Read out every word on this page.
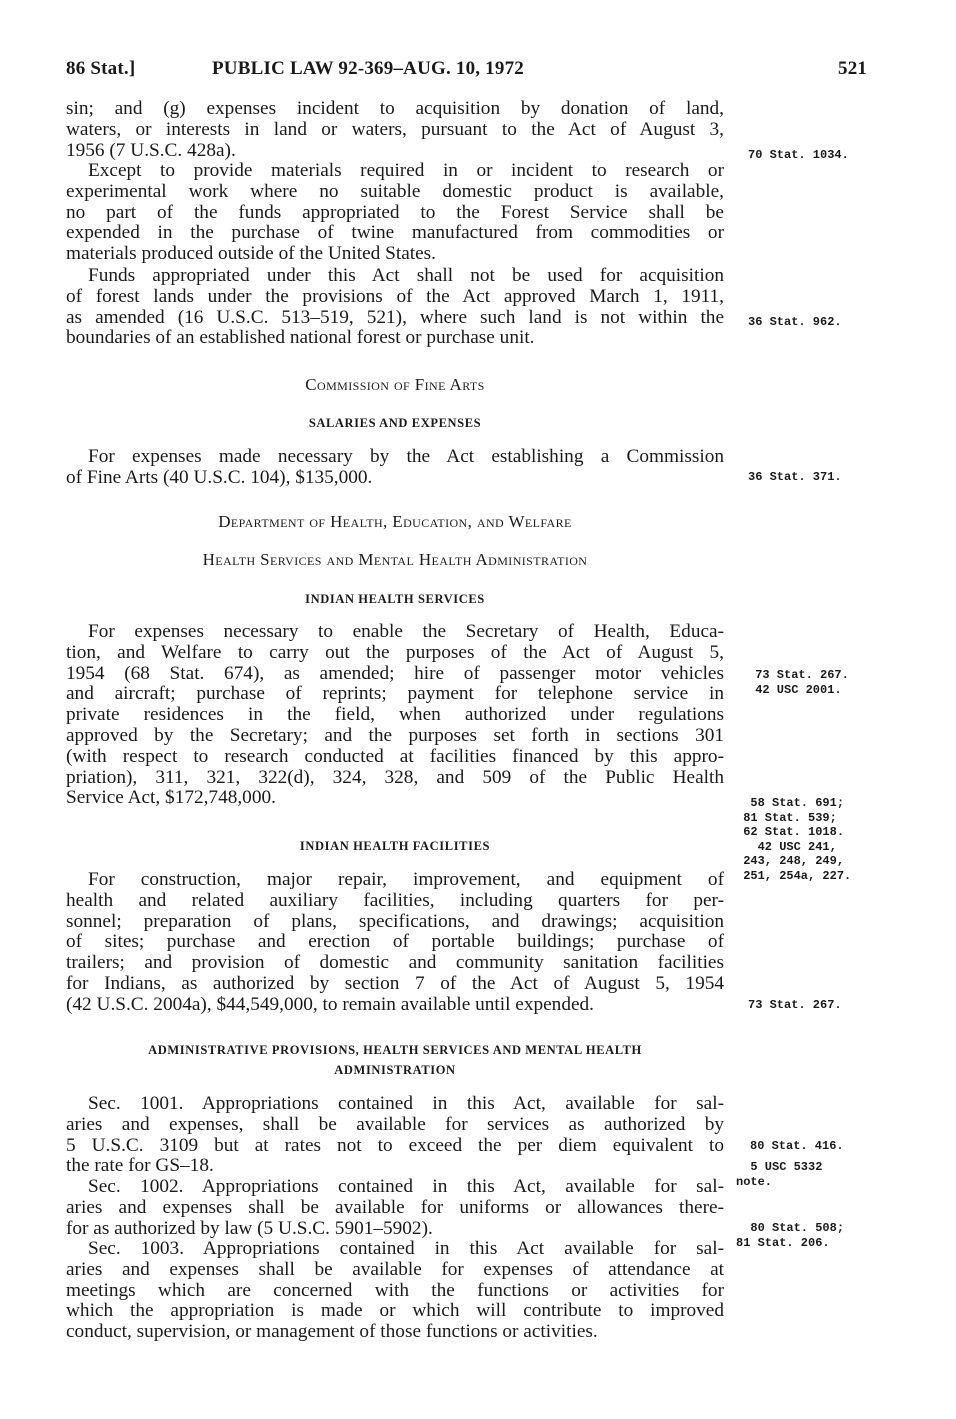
86 Stat.]	PUBLIC LAW 92-369–AUG. 10, 1972	521
sin; and (g) expenses incident to acquisition by donation of land,
waters, or interests in land or waters, pursuant to the Act of August 3,
1956 (7 U.S.C. 428a).
Except to provide materials required in or incident to research or
experimental work where no suitable domestic product is available,
no part of the funds appropriated to the Forest Service shall be
expended in the purchase of twine manufactured from commodities or
materials produced outside of the United States.
Funds appropriated under this Act shall not be used for acquisition
of forest lands under the provisions of the Act approved March 1, 1911,
as amended (16 U.S.C. 513–519, 521), where such land is not within the
boundaries of an established national forest or purchase unit.
Commission of Fine Arts
SALARIES AND EXPENSES
For expenses made necessary by the Act establishing a Commission
of Fine Arts (40 U.S.C. 104), $135,000.
Department of Health, Education, and Welfare
Health Services and Mental Health Administration
INDIAN HEALTH SERVICES
For expenses necessary to enable the Secretary of Health, Educa-
tion, and Welfare to carry out the purposes of the Act of August 5,
1954 (68 Stat. 674), as amended; hire of passenger motor vehicles
and aircraft; purchase of reprints; payment for telephone service in
private residences in the field, when authorized under regulations
approved by the Secretary; and the purposes set forth in sections 301
(with respect to research conducted at facilities financed by this appro-
priation), 311, 321, 322(d), 324, 328, and 509 of the Public Health
Service Act, $172,748,000.
INDIAN HEALTH FACILITIES
For construction, major repair, improvement, and equipment of
health and related auxiliary facilities, including quarters for per-
sonnel; preparation of plans, specifications, and drawings; acquisition
of sites; purchase and erection of portable buildings; purchase of
trailers; and provision of domestic and community sanitation facilities
for Indians, as authorized by section 7 of the Act of August 5, 1954
(42 U.S.C. 2004a), $44,549,000, to remain available until expended.
ADMINISTRATIVE PROVISIONS, HEALTH SERVICES AND MENTAL HEALTH
ADMINISTRATION
Sec. 1001. Appropriations contained in this Act, available for sal-
aries and expenses, shall be available for services as authorized by
5 U.S.C. 3109 but at rates not to exceed the per diem equivalent to
the rate for GS–18.
Sec. 1002. Appropriations contained in this Act, available for sal-
aries and expenses shall be available for uniforms or allowances there-
for as authorized by law (5 U.S.C. 5901–5902).
Sec. 1003. Appropriations contained in this Act available for sal-
aries and expenses shall be available for expenses of attendance at
meetings which are concerned with the functions or activities for
which the appropriation is made or which will contribute to improved
conduct, supervision, or management of those functions or activities.
70 Stat. 1034.
36 Stat. 962.
36 Stat. 371.
73 Stat. 267.
42 USC 2001.
58 Stat. 691;
81 Stat. 539;
62 Stat. 1018.
42 USC 241,
243, 248, 249,
251, 254a, 227.
73 Stat. 267.
80 Stat. 416.
5 USC 5332
note.
80 Stat. 508;
81 Stat. 206.
